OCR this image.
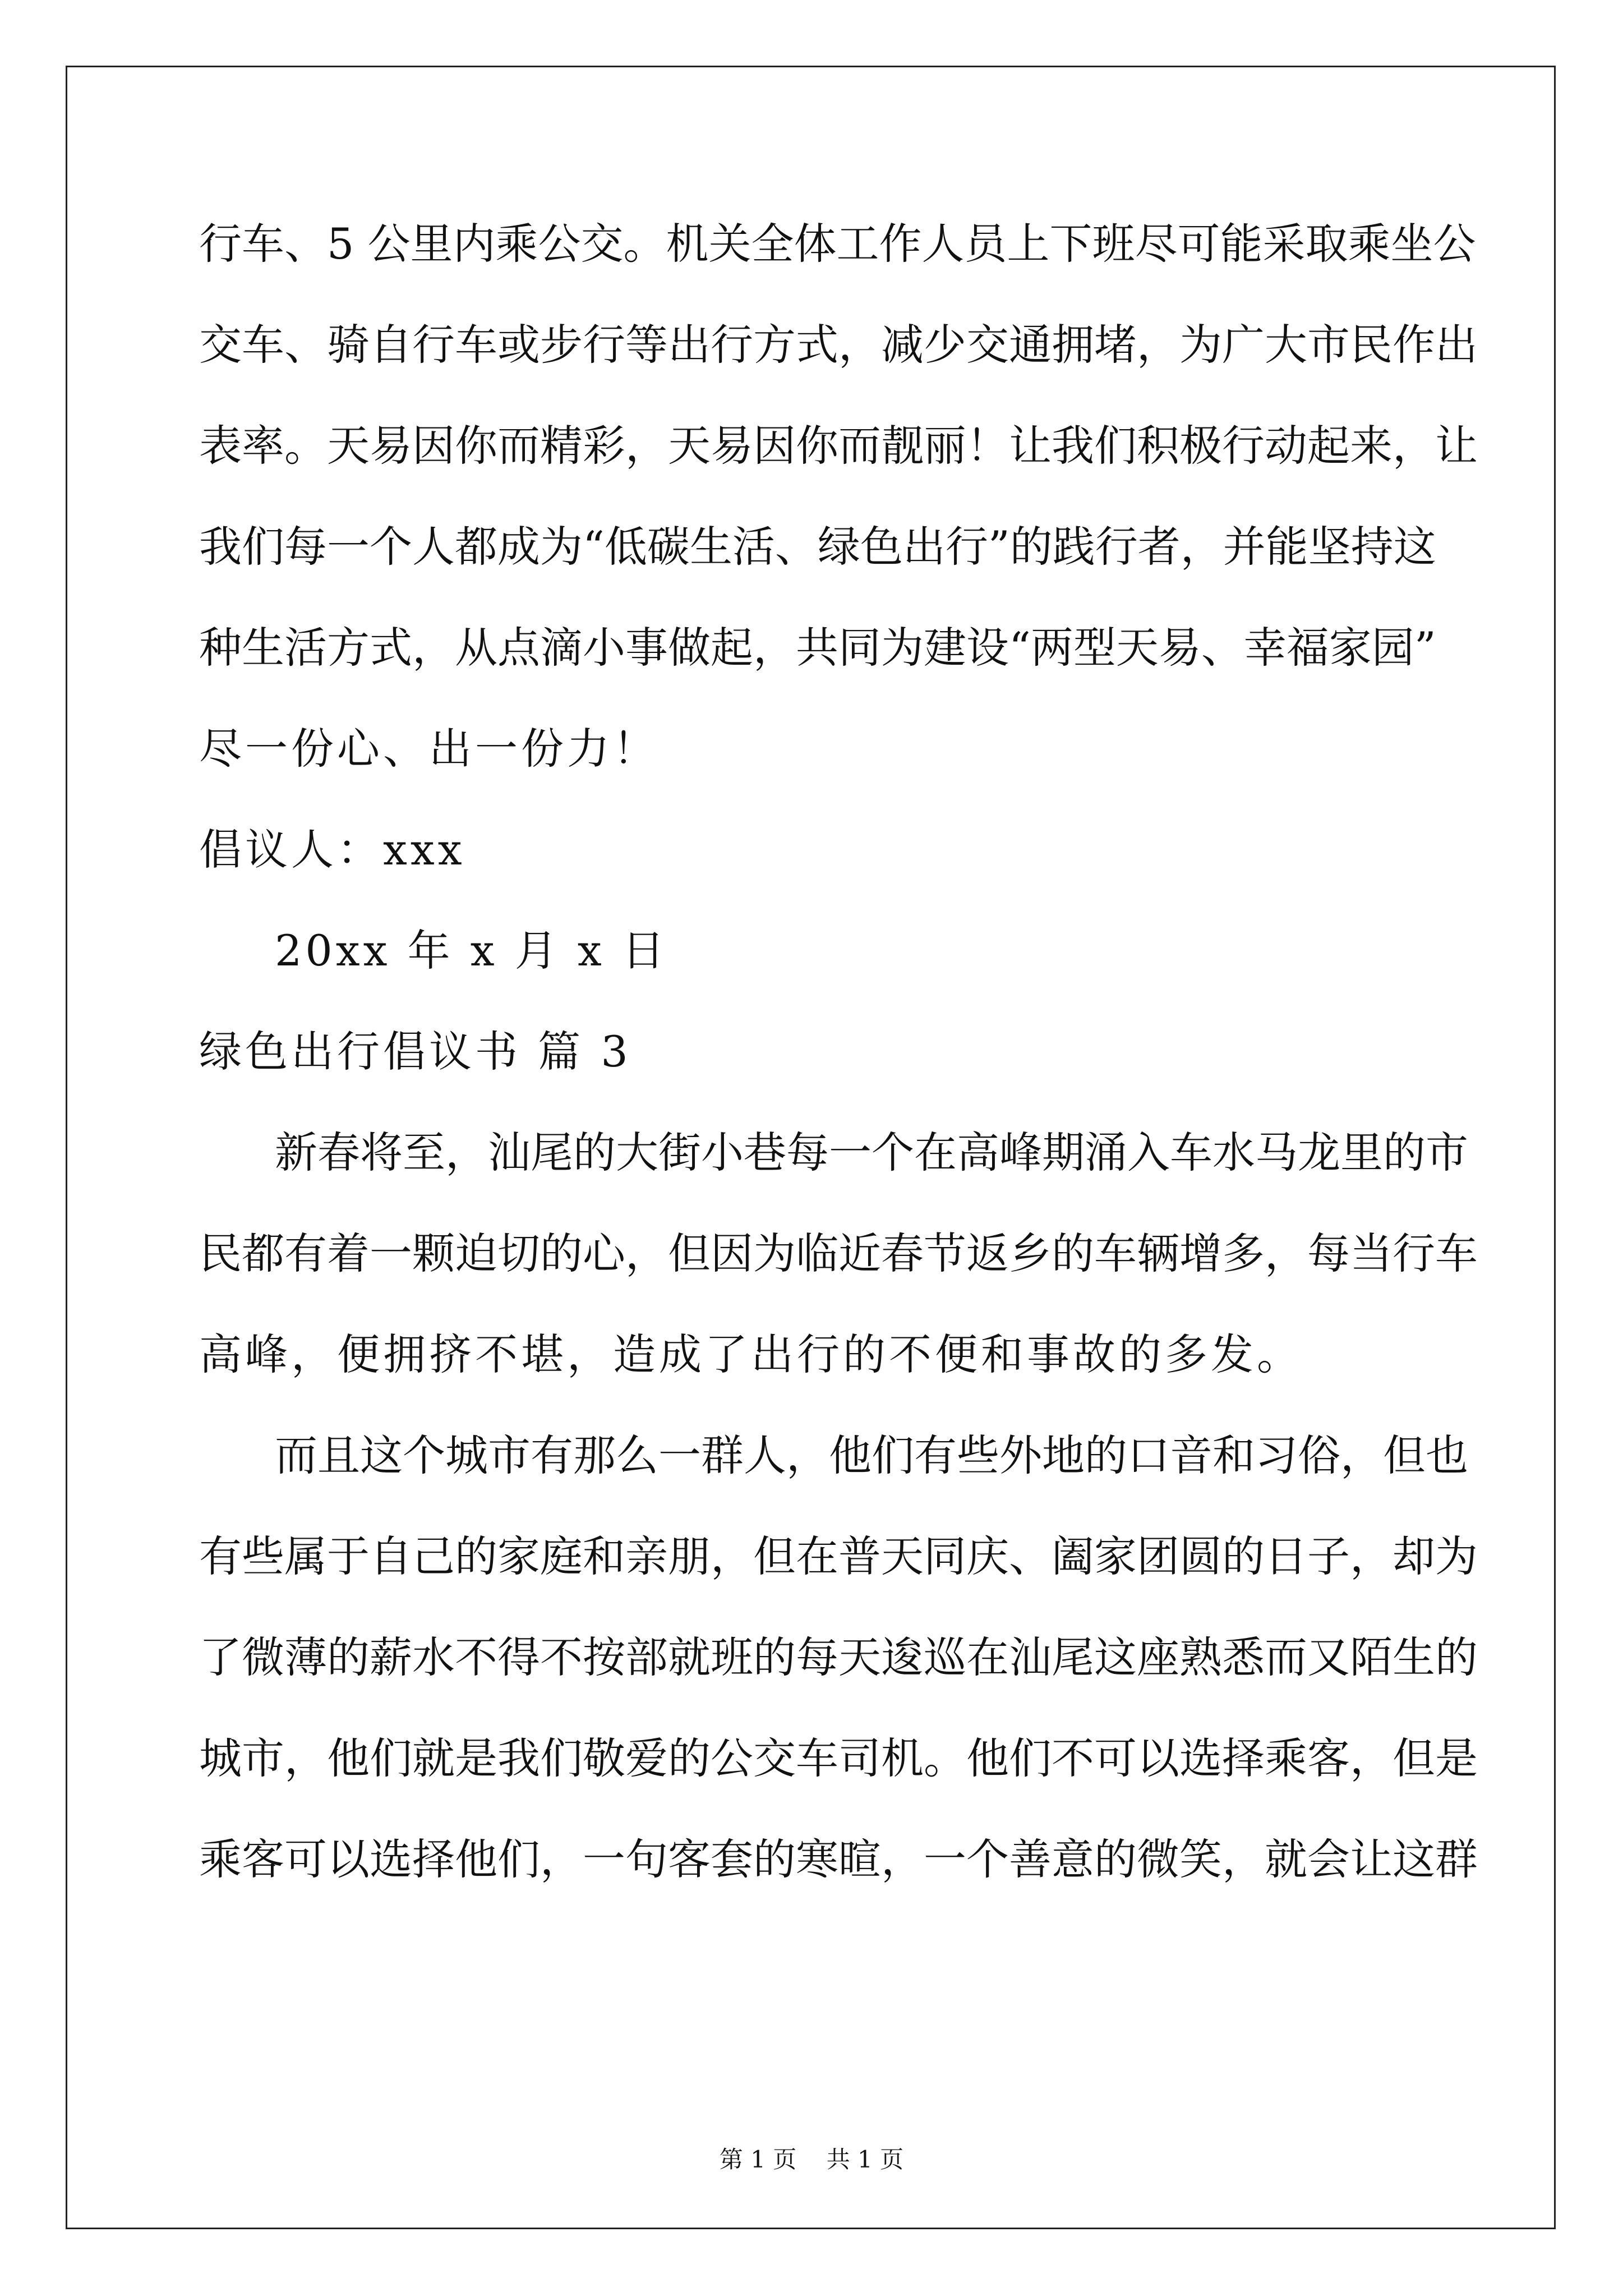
行车、5 公里内乘公交。机关全体工作人员上下班尽可能采取乘坐公
交车、骑自行车或步行等出行方式，减少交通拥堵，为广大市民作出
表率。天易因你而精彩，天易因你而靓丽！让我们积极行动起来，让
我们每一个人都成为“低碳生活、绿色出行”的践行者，并能坚持这
种生活方式，从点滴小事做起，共同为建设“两型天易、幸福家园”
尽一份心、出一份力！
倡议人：xxx
20xx 年 x 月 x 日
绿色出行倡议书 篇 3
新春将至，汕尾的大街小巷每一个在高峰期涌入车水马龙里的市
民都有着一颗迫切的心，但因为临近春节返乡的车辆增多，每当行车
高峰，便拥挤不堪，造成了出行的不便和事故的多发。
而且这个城市有那么一群人，他们有些外地的口音和习俗，但也
有些属于自己的家庭和亲朋，但在普天同庆、阖家团圆的日子，却为
了微薄的薪水不得不按部就班的每天逡巡在汕尾这座熟悉而又陌生的
城市，他们就是我们敬爱的公交车司机。他们不可以选择乘客，但是
乘客可以选择他们，一句客套的寒暄，一个善意的微笑，就会让这群
第 1 页    共 1 页
